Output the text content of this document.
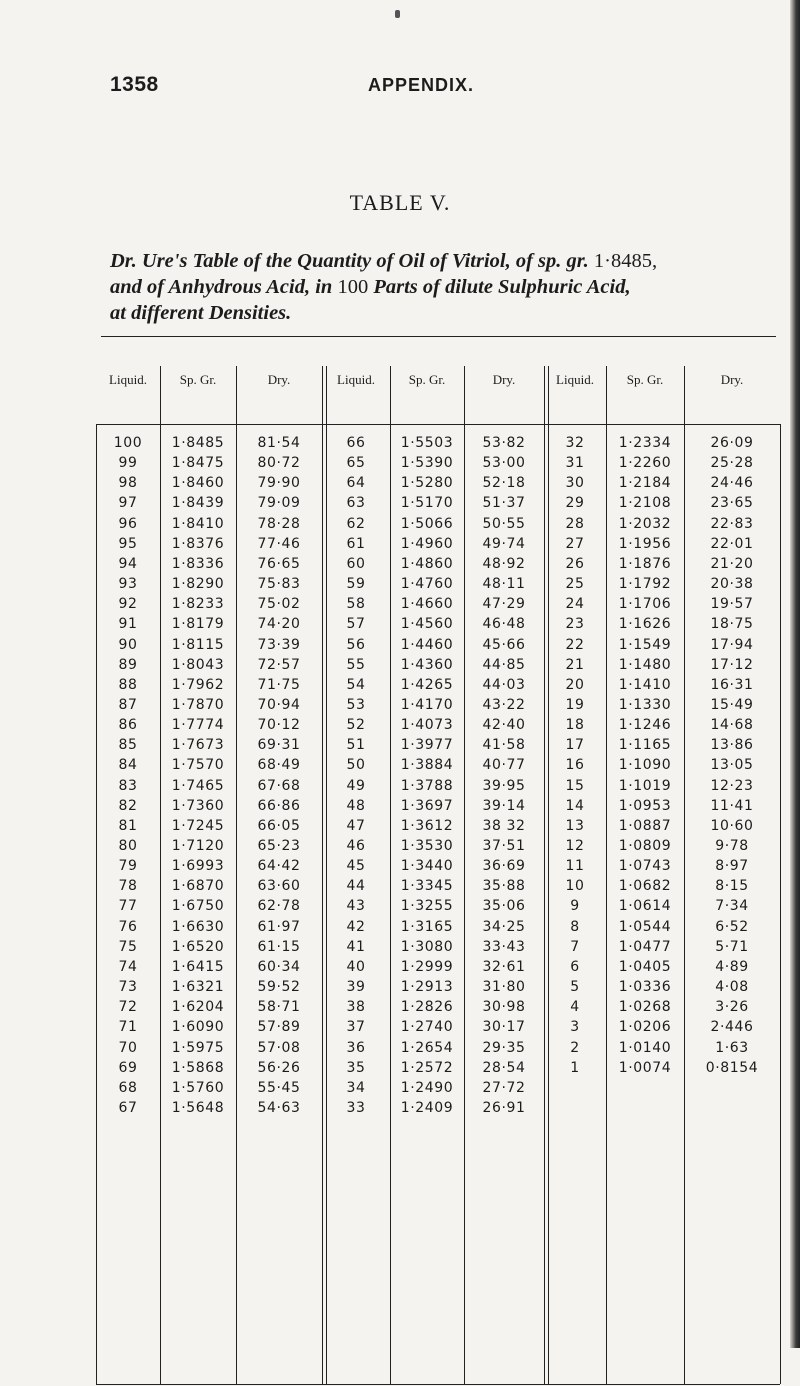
1358	APPENDIX.
TABLE V.
Dr. Ure's Table of the Quantity of Oil of Vitriol, of sp. gr. 1·8485,
and of Anhydrous Acid, in 100 Parts of dilute Sulphuric Acid,
at different Densities.
Liquid.	Sp. Gr.	Dry.	Liquid.	Sp. Gr.	Dry.	Liquid.	Sp. Gr.	Dry.
100	1·8485	81·54	66	1·5503	53·82	32	1·2334	26·09
99	1·8475	80·72	65	1·5390	53·00	31	1·2260	25·28
98	1·8460	79·90	64	1·5280	52·18	30	1·2184	24·46
97	1·8439	79·09	63	1·5170	51·37	29	1·2108	23·65
96	1·8410	78·28	62	1·5066	50·55	28	1·2032	22·83
95	1·8376	77·46	61	1·4960	49·74	27	1·1956	22·01
94	1·8336	76·65	60	1·4860	48·92	26	1·1876	21·20
93	1·8290	75·83	59	1·4760	48·11	25	1·1792	20·38
92	1·8233	75·02	58	1·4660	47·29	24	1·1706	19·57
91	1·8179	74·20	57	1·4560	46·48	23	1·1626	18·75
90	1·8115	73·39	56	1·4460	45·66	22	1·1549	17·94
89	1·8043	72·57	55	1·4360	44·85	21	1·1480	17·12
88	1·7962	71·75	54	1·4265	44·03	20	1·1410	16·31
87	1·7870	70·94	53	1·4170	43·22	19	1·1330	15·49
86	1·7774	70·12	52	1·4073	42·40	18	1·1246	14·68
85	1·7673	69·31	51	1·3977	41·58	17	1·1165	13·86
84	1·7570	68·49	50	1·3884	40·77	16	1·1090	13·05
83	1·7465	67·68	49	1·3788	39·95	15	1·1019	12·23
82	1·7360	66·86	48	1·3697	39·14	14	1·0953	11·41
81	1·7245	66·05	47	1·3612	38 32	13	1·0887	10·60
80	1·7120	65·23	46	1·3530	37·51	12	1·0809	9·78
79	1·6993	64·42	45	1·3440	36·69	11	1·0743	8·97
78	1·6870	63·60	44	1·3345	35·88	10	1·0682	8·15
77	1·6750	62·78	43	1·3255	35·06	9	1·0614	7·34
76	1·6630	61·97	42	1·3165	34·25	8	1·0544	6·52
75	1·6520	61·15	41	1·3080	33·43	7	1·0477	5·71
74	1·6415	60·34	40	1·2999	32·61	6	1·0405	4·89
73	1·6321	59·52	39	1·2913	31·80	5	1·0336	4·08
72	1·6204	58·71	38	1·2826	30·98	4	1·0268	3·26
71	1·6090	57·89	37	1·2740	30·17	3	1·0206	2·446
70	1·5975	57·08	36	1·2654	29·35	2	1·0140	1·63
69	1·5868	56·26	35	1·2572	28·54	1	1·0074	0·8154
68	1·5760	55·45	34	1·2490	27·72
67	1·5648	54·63	33	1·2409	26·91
